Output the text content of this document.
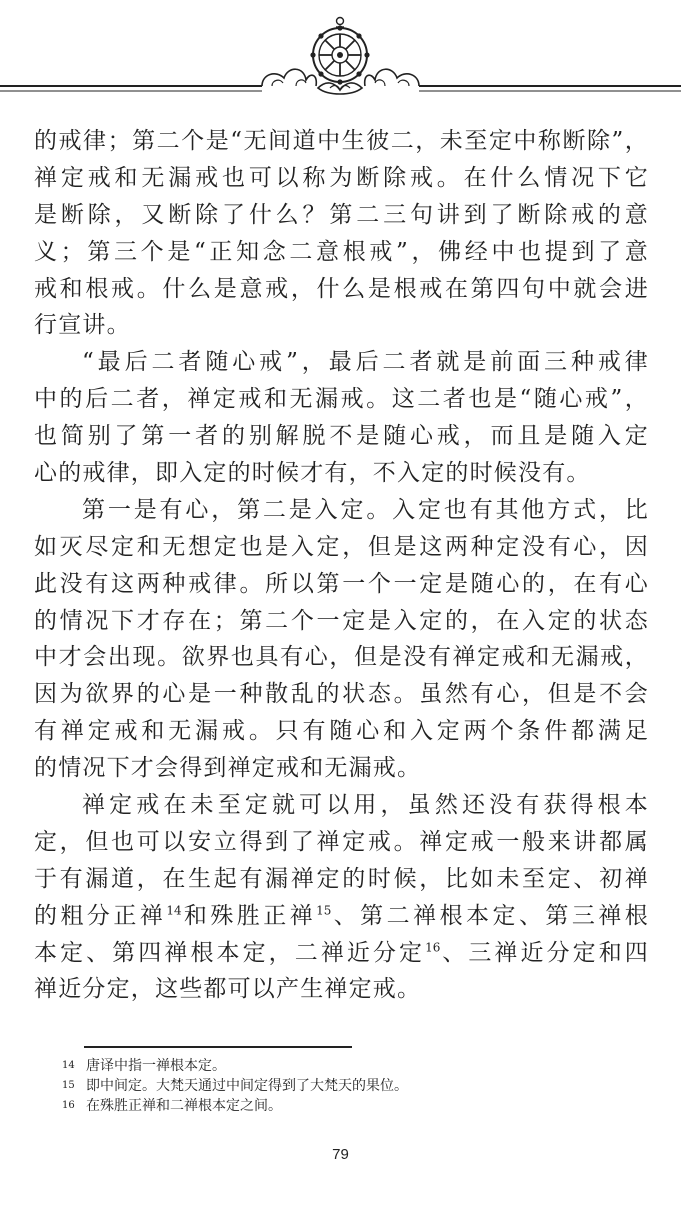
的戒律；第二个是“无间道中生彼二，未至定中称断除”，
禅定戒和无漏戒也可以称为断除戒。在什么情况下它
是断除，又断除了什么？第二三句讲到了断除戒的意
义；第三个是“正知念二意根戒”，佛经中也提到了意
戒和根戒。什么是意戒，什么是根戒在第四句中就会进
行宣讲。
“最后二者随心戒”，最后二者就是前面三种戒律
中的后二者，禅定戒和无漏戒。这二者也是“随心戒”，
也简别了第一者的别解脱不是随心戒，而且是随入定
心的戒律，即入定的时候才有，不入定的时候没有。
第一是有心，第二是入定。入定也有其他方式，比
如灭尽定和无想定也是入定，但是这两种定没有心，因
此没有这两种戒律。所以第一个一定是随心的，在有心
的情况下才存在；第二个一定是入定的，在入定的状态
中才会出现。欲界也具有心，但是没有禅定戒和无漏戒，
因为欲界的心是一种散乱的状态。虽然有心，但是不会
有禅定戒和无漏戒。只有随心和入定两个条件都满足
的情况下才会得到禅定戒和无漏戒。
禅定戒在未至定就可以用，虽然还没有获得根本
定，但也可以安立得到了禅定戒。禅定戒一般来讲都属
于有漏道，在生起有漏禅定的时候，比如未至定、初禅
的粗分正禅$^{14}$和殊胜正禅$^{15}$、第二禅根本定、第三禅根
本定、第四禅根本定，二禅近分定$^{16}$、三禅近分定和四
禅近分定，这些都可以产生禅定戒。
14 唐译中指一禅根本定。
15 即中间定。大梵天通过中间定得到了大梵天的果位。
16 在殊胜正禅和二禅根本定之间。
79
